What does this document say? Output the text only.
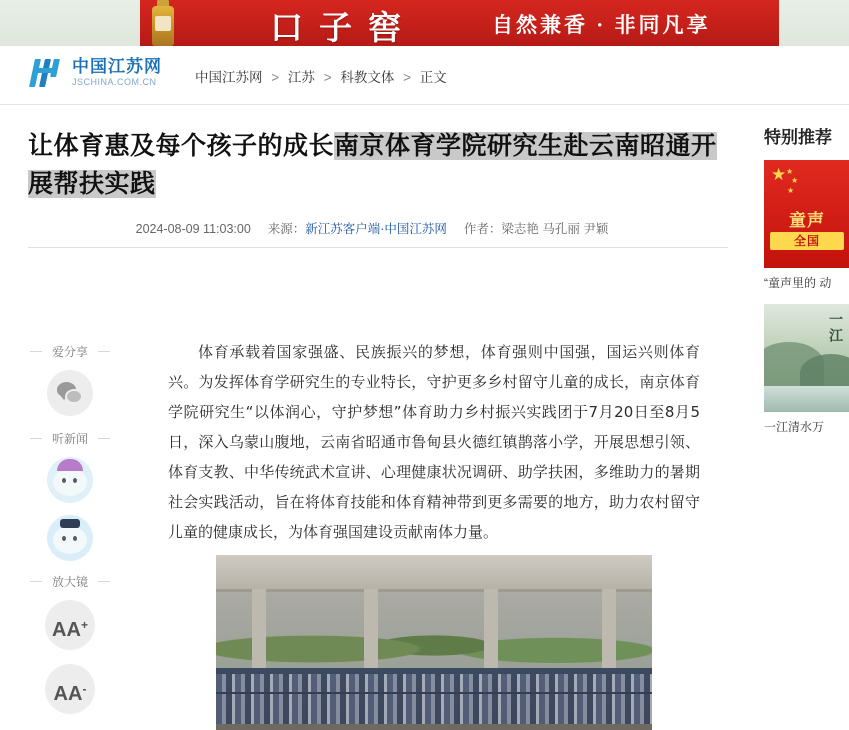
口子窖	自然兼香 · 非同凡享
中国江苏网
JSCHINA.COM.CN	中国江苏网 > 江苏 > 科教文体 > 正文
让体育惠及每个孩子的成长南京体育学院研究生赴云南昭通开展帮扶实践
2024-08-09 11:03:00 来源：新江苏客户端·中国江苏网 作者：梁志艳 马孔丽 尹颖
爱分享
听新闻
放大镜
AA+
AA-

体育承载着国家强盛、民族振兴的梦想，体育强则中国强，国运兴则体育兴。为发挥体育学研究生的专业特长，守护更多乡村留守儿童的成长，南京体育学院研究生“以体润心，守护梦想”体育助力乡村振兴实践团于7月20日至8月5日，深入乌蒙山腹地，云南省昭通市鲁甸县火德红镇鹊落小学，开展思想引领、体育支教、中华传统武术宣讲、心理健康状况调研、助学扶困，多维助力的暑期社会实践活动，旨在将体育技能和体育精神带到更多需要的地方，助力农村留守儿童的健康成长，为体育强国建设贡献南体力量。

特别推荐
★ ★
★
★
童声
全国
“童声里的 动
一江
一江清水万
